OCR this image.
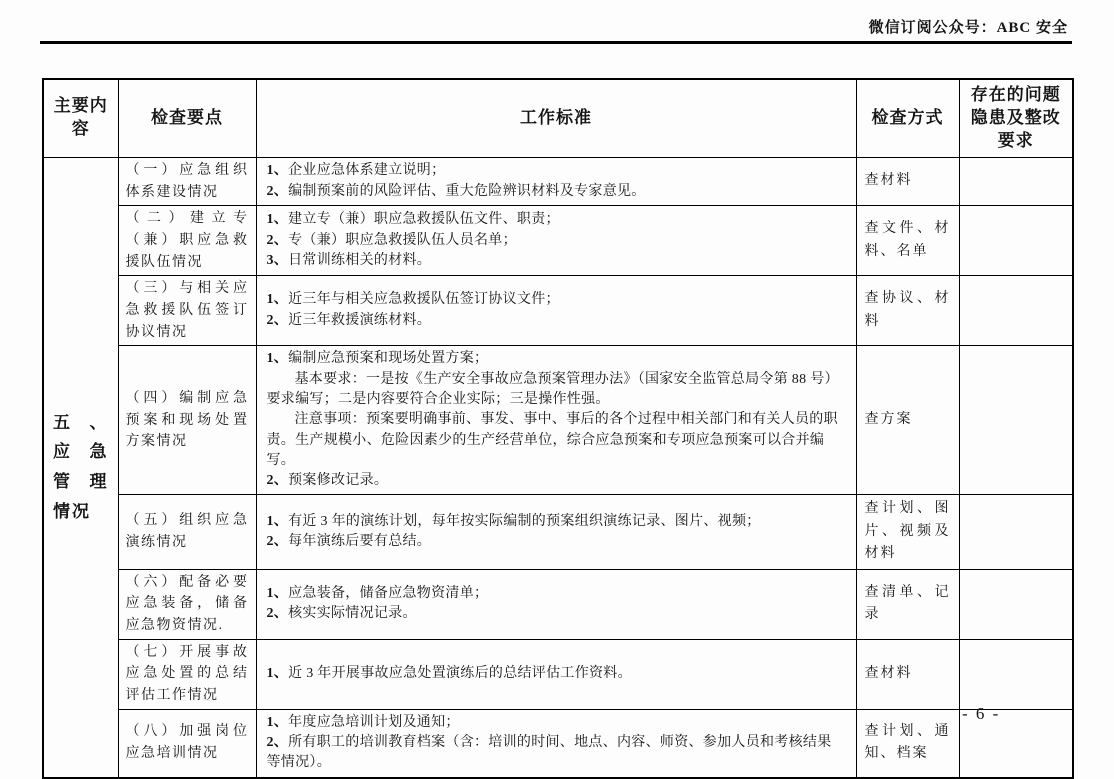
微信订阅公众号：ABC 安全
主要内容	检查要点	工作标准	检查方式	存在的问题隐患及整改要求
五、应急管理情况	（一）应急组织体系建设情况	1、企业应急体系建立说明；
2、编制预案前的风险评估、重大危险辨识材料及专家意见。	查材料	
	（二）建立专（兼）职应急救援队伍情况	1、建立专（兼）职应急救援队伍文件、职责；
2、专（兼）职应急救援队伍人员名单；
3、日常训练相关的材料。	查文件、材料、名单	
	（三）与相关应急救援队伍签订协议情况	1、近三年与相关应急救援队伍签订协议文件；
2、近三年救援演练材料。	查协议、材料	
	（四）编制应急预案和现场处置方案情况	1、编制应急预案和现场处置方案；
基本要求：一是按《生产安全事故应急预案管理办法》（国家安全监管总局令第 88 号）要求编写；二是内容要符合企业实际；三是操作性强。
注意事项：预案要明确事前、事发、事中、事后的各个过程中相关部门和有关人员的职责。生产规模小、危险因素少的生产经营单位，综合应急预案和专项应急预案可以合并编写。
2、预案修改记录。	查方案	
	（五）组织应急演练情况	1、有近 3 年的演练计划，每年按实际编制的预案组织演练记录、图片、视频；
2、每年演练后要有总结。	查计划、图片、视频及材料	
	（六）配备必要应急装备，储备应急物资情况.	1、应急装备，储备应急物资清单；
2、核实实际情况记录。	查清单、记录	
	（七）开展事故应急处置的总结评估工作情况	1、近 3 年开展事故应急处置演练后的总结评估工作资料。	查材料	
	（八）加强岗位应急培训情况	1、年度应急培训计划及通知；
2、所有职工的培训教育档案（含：培训的时间、地点、内容、师资、参加人员和考核结果等情况）。	查计划、通知、档案	
- 6 -
